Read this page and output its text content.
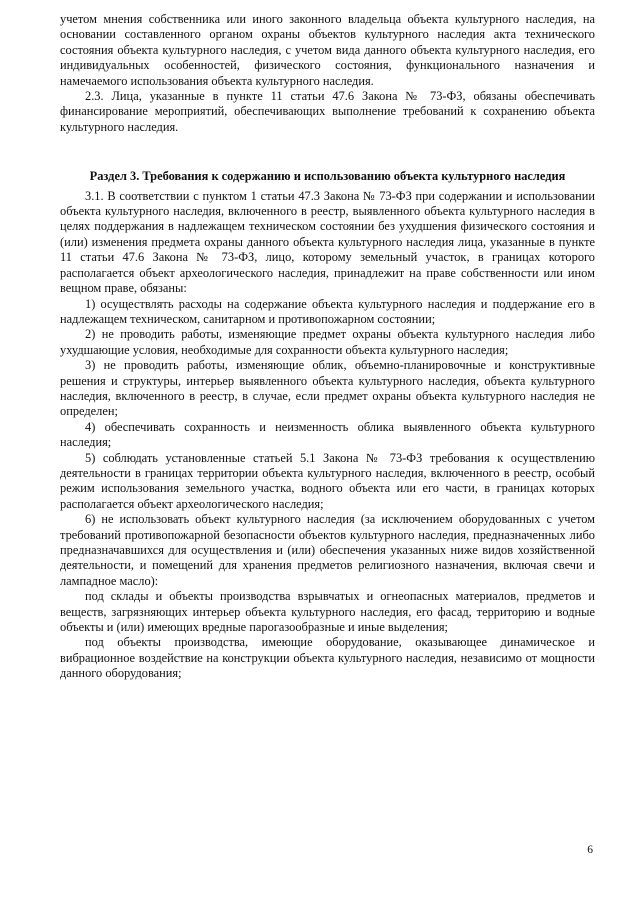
учетом мнения собственника или иного законного владельца объекта культурного наследия, на основании составленного органом охраны объектов культурного наследия акта технического состояния объекта культурного наследия, с учетом вида данного объекта культурного наследия, его индивидуальных особенностей, физического состояния, функционального назначения и намечаемого использования объекта культурного наследия.

2.3. Лица, указанные в пункте 11 статьи 47.6 Закона № 73-ФЗ, обязаны обеспечивать финансирование мероприятий, обеспечивающих выполнение требований к сохранению объекта культурного наследия.

Раздел 3. Требования к содержанию и использованию объекта культурного наследия

3.1. В соответствии с пунктом 1 статьи 47.3 Закона № 73-ФЗ при содержании и использовании объекта культурного наследия, включенного в реестр, выявленного объекта культурного наследия в целях поддержания в надлежащем техническом состоянии без ухудшения физического состояния и (или) изменения предмета охраны данного объекта культурного наследия лица, указанные в пункте 11 статьи 47.6 Закона № 73-ФЗ, лицо, которому земельный участок, в границах которого располагается объект археологического наследия, принадлежит на праве собственности или ином вещном праве, обязаны:

1) осуществлять расходы на содержание объекта культурного наследия и поддержание его в надлежащем техническом, санитарном и противопожарном состоянии;

2) не проводить работы, изменяющие предмет охраны объекта культурного наследия либо ухудшающие условия, необходимые для сохранности объекта культурного наследия;

3) не проводить работы, изменяющие облик, объемно-планировочные и конструктивные решения и структуры, интерьер выявленного объекта культурного наследия, объекта культурного наследия, включенного в реестр, в случае, если предмет охраны объекта культурного наследия не определен;

4) обеспечивать сохранность и неизменность облика выявленного объекта культурного наследия;

5) соблюдать установленные статьей 5.1 Закона № 73-ФЗ требования к осуществлению деятельности в границах территории объекта культурного наследия, включенного в реестр, особый режим использования земельного участка, водного объекта или его части, в границах которых располагается объект археологического наследия;

6) не использовать объект культурного наследия (за исключением оборудованных с учетом требований противопожарной безопасности объектов культурного наследия, предназначенных либо предназначавшихся для осуществления и (или) обеспечения указанных ниже видов хозяйственной деятельности, и помещений для хранения предметов религиозного назначения, включая свечи и лампадное масло):

под склады и объекты производства взрывчатых и огнеопасных материалов, предметов и веществ, загрязняющих интерьер объекта культурного наследия, его фасад, территорию и водные объекты и (или) имеющих вредные парогазообразные и иные выделения;

под объекты производства, имеющие оборудование, оказывающее динамическое и вибрационное воздействие на конструкции объекта культурного наследия, независимо от мощности данного оборудования;

6
